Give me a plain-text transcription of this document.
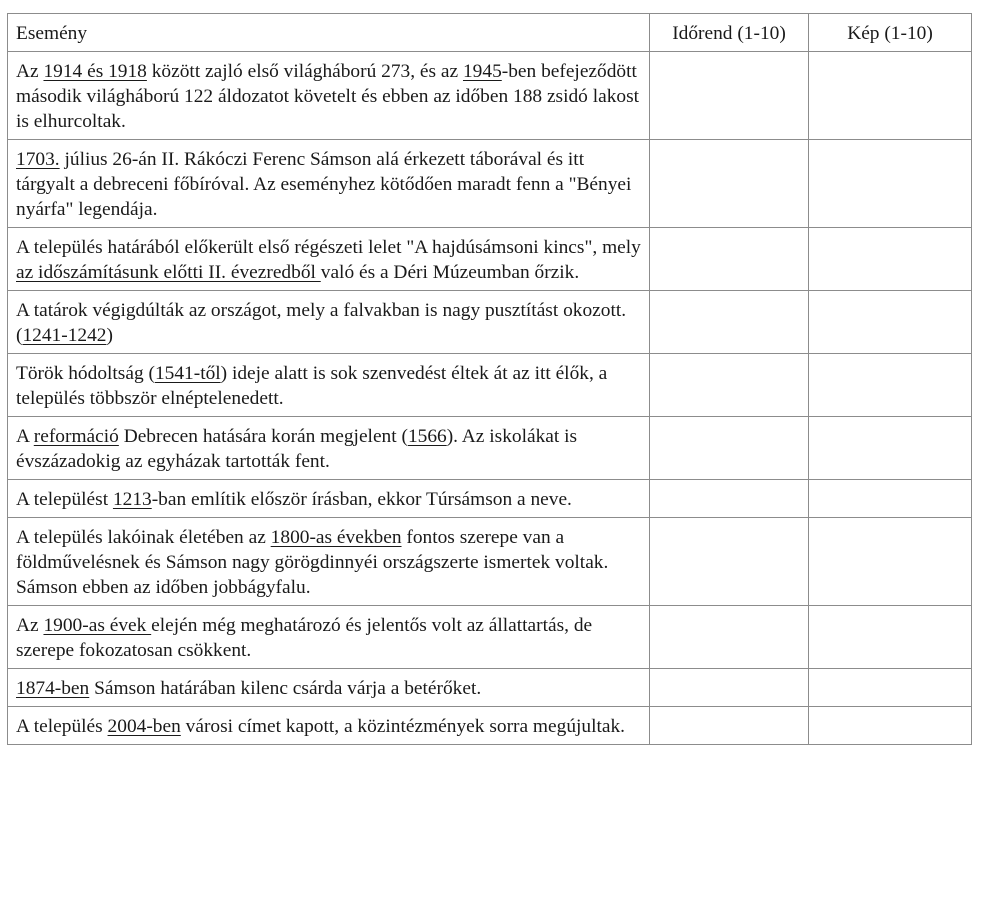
Esemény	Időrend (1-10)	Kép (1-10)
Az 1914 és 1918 között zajló első világháború 273, és az 1945-ben befejeződött második világháború 122 áldozatot követelt és ebben az időben 188 zsidó lakost is elhurcoltak.		
1703. július 26-án II. Rákóczi Ferenc Sámson alá érkezett táborával és itt tárgyalt a debreceni főbíróval. Az eseményhez kötődően maradt fenn a "Bényei nyárfa" legendája.		
A település határából előkerült első régészeti lelet "A hajdúsámsoni kincs", mely az időszámításunk előtti II. évezredből való és a Déri Múzeumban őrzik.		
A tatárok végigdúlták az országot, mely a falvakban is nagy pusztítást okozott. (1241-1242)		
Török hódoltság (1541-től) ideje alatt is sok szenvedést éltek át az itt élők, a település többször elnéptelenedett.		
A reformáció Debrecen hatására korán megjelent (1566). Az iskolákat is évszázadokig az egyházak tartották fent.		
A települést 1213-ban említik először írásban, ekkor Túrsámson a neve.		
A település lakóinak életében az 1800-as években fontos szerepe van a földművelésnek és Sámson nagy görögdinnyéi országszerte ismertek voltak. Sámson ebben az időben jobbágyfalu.		
Az 1900-as évek elején még meghatározó és jelentős volt az állattartás, de szerepe fokozatosan csökkent.		
1874-ben Sámson határában kilenc csárda várja a betérőket.		
A település 2004-ben városi címet kapott, a közintézmények sorra megújultak.		
